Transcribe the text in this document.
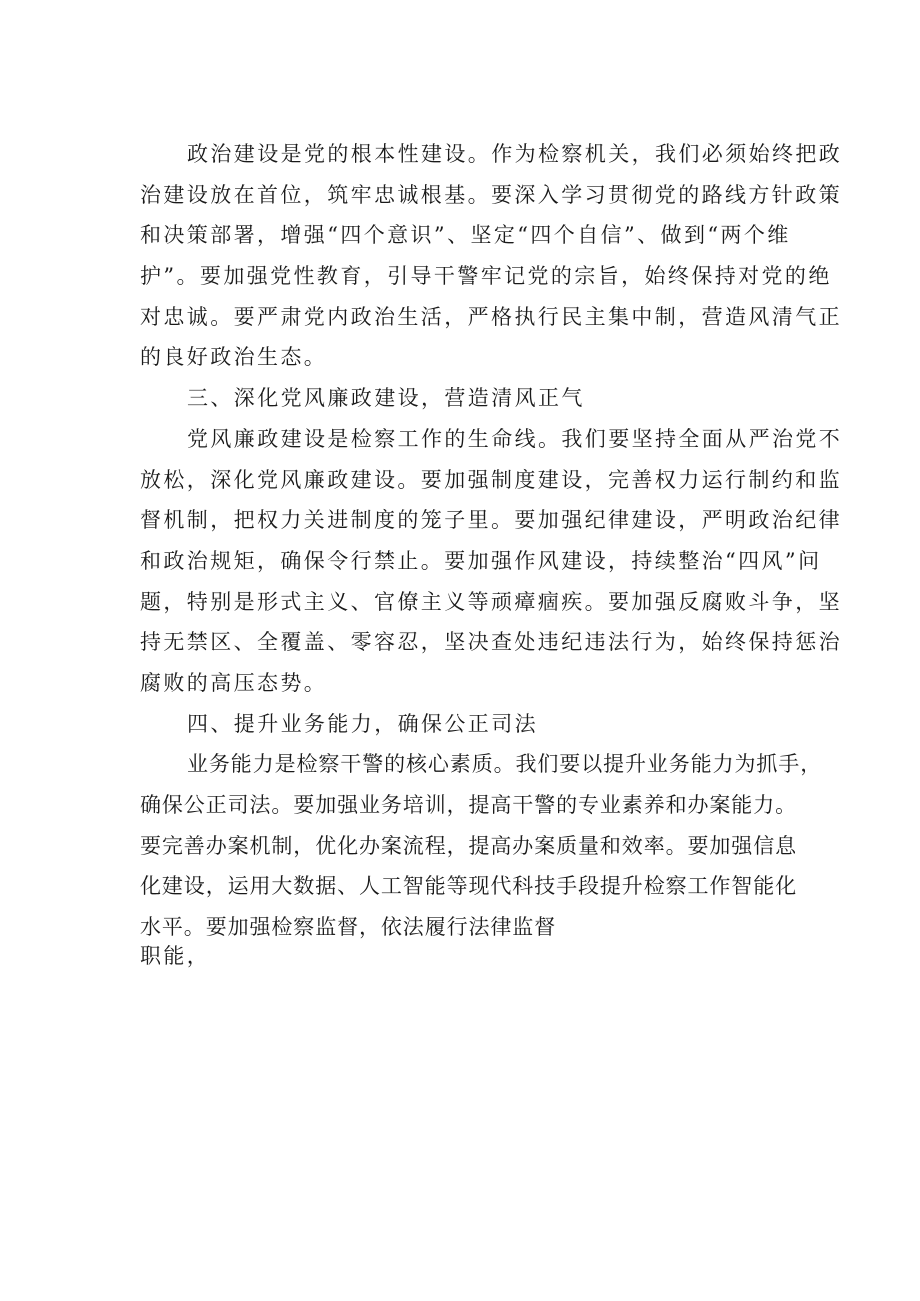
政治建设是党的根本性建设。作为检察机关，我们必须始终把政
治建设放在首位，筑牢忠诚根基。要深入学习贯彻党的路线方针政策
和决策部署，增强“四个意识”、坚定“四个自信”、做到“两个维
护”。要加强党性教育，引导干警牢记党的宗旨，始终保持对党的绝
对忠诚。要严肃党内政治生活，严格执行民主集中制，营造风清气正
的良好政治生态。
三、深化党风廉政建设，营造清风正气
党风廉政建设是检察工作的生命线。我们要坚持全面从严治党不
放松，深化党风廉政建设。要加强制度建设，完善权力运行制约和监
督机制，把权力关进制度的笼子里。要加强纪律建设，严明政治纪律
和政治规矩，确保令行禁止。要加强作风建设，持续整治“四风”问
题，特别是形式主义、官僚主义等顽瘴痼疾。要加强反腐败斗争，坚
持无禁区、全覆盖、零容忍，坚决查处违纪违法行为，始终保持惩治
腐败的高压态势。
四、提升业务能力，确保公正司法
业务能力是检察干警的核心素质。我们要以提升业务能力为抓手，
确保公正司法。要加强业务培训，提高干警的专业素养和办案能力。
要完善办案机制，优化办案流程，提高办案质量和效率。要加强信息
化建设，运用大数据、人工智能等现代科技手段提升检察工作智能化
水平。要加强检察监督，依法履行法律监督
职能，
